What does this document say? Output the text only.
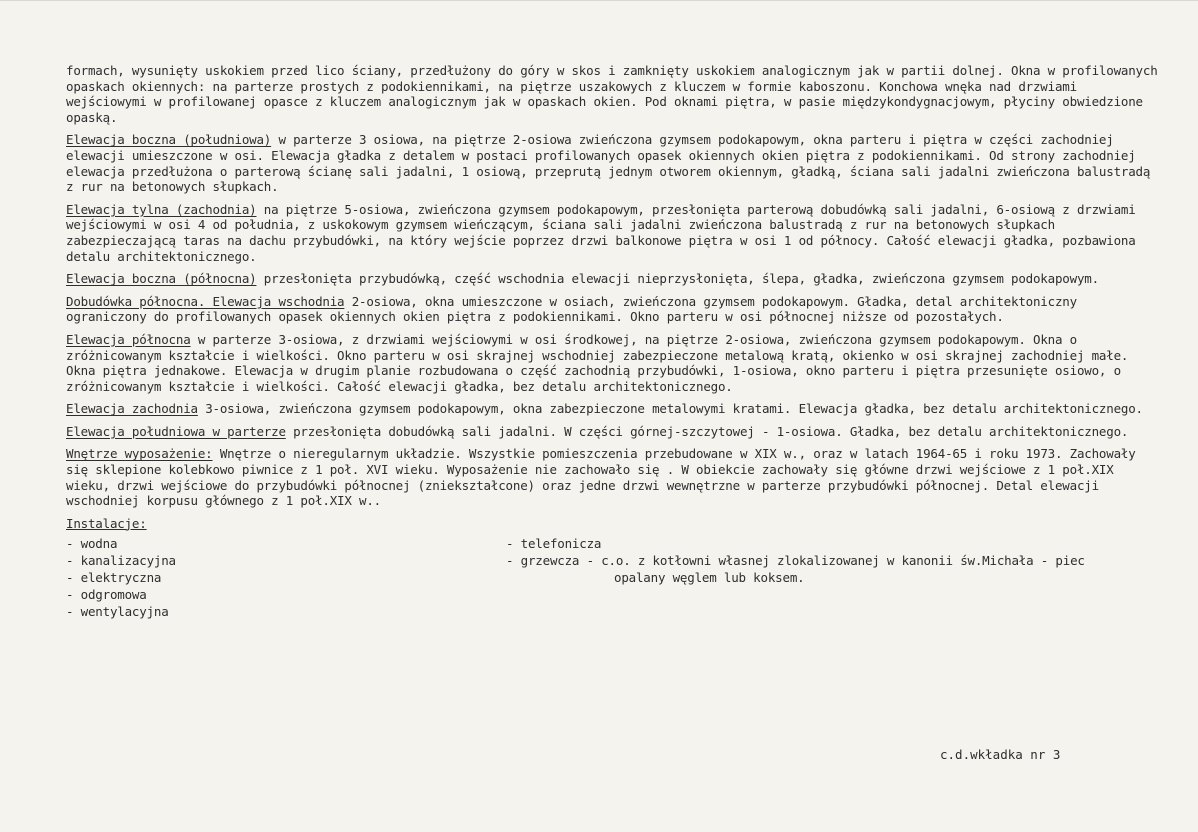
formach, wysunięty uskokiem przed lico ściany, przedłużony do góry w skos i zamknięty uskokiem analogicznym jak w partii dolnej. Okna w profilowanych opaskach okiennych: na parterze prostych z podokiennikami, na piętrze uszakowych z kluczem w formie kaboszonu. Konchowa wnęka nad drzwiami wejściowymi w profilowanej opasce z kluczem analogicznym jak w opaskach okien. Pod oknami piętra, w pasie międzykondygnacjowym, płyciny obwiedzione opaską.

Elewacja boczna (południowa) w parterze 3 osiowa, na piętrze 2-osiowa zwieńczona gzymsem podokapowym, okna parteru i piętra w części zachodniej elewacji umieszczone w osi. Elewacja gładka z detalem w postaci profilowanych opasek okiennych okien piętra z podokiennikami. Od strony zachodniej elewacja przedłużona o parterową ścianę sali jadalni, 1 osiową, przeprutą jednym otworem okiennym, gładką, ściana sali jadalni zwieńczona balustradą z rur na betonowych słupkach.

Elewacja tylna (zachodnia) na piętrze 5-osiowa, zwieńczona gzymsem podokapowym, przesłonięta parterową dobudówką sali jadalni, 6-osiową z drzwiami wejściowymi w osi 4 od południa, z uskokowym gzymsem wieńczącym, ściana sali jadalni zwieńczona balustradą z rur na betonowych słupkach zabezpieczającą taras na dachu przybudówki, na który wejście poprzez drzwi balkonowe piętra w osi 1 od północy. Całość elewacji gładka, pozbawiona detalu architektonicznego.

Elewacja boczna (północna) przesłonięta przybudówką, część wschodnia elewacji nieprzysłonięta, ślepa, gładka, zwieńczona gzymsem podokapowym.

Dobudówka północna. Elewacja wschodnia 2-osiowa, okna umieszczone w osiach, zwieńczona gzymsem podokapowym. Gładka, detal architektoniczny ograniczony do profilowanych opasek okiennych okien piętra z podokiennikami. Okno parteru w osi północnej niższe od pozostałych.

Elewacja północna w parterze 3-osiowa, z drzwiami wejściowymi w osi środkowej, na piętrze 2-osiowa, zwieńczona gzymsem podokapowym. Okna o zróżnicowanym kształcie i wielkości. Okno parteru w osi skrajnej wschodniej zabezpieczone metalową kratą, okienko w osi skrajnej zachodniej małe. Okna piętra jednakowe. Elewacja w drugim planie rozbudowana o część zachodnią przybudówki, 1-osiowa, okno parteru i piętra przesunięte osiowo, o zróżnicowanym kształcie i wielkości. Całość elewacji gładka, bez detalu architektonicznego.

Elewacja zachodnia 3-osiowa, zwieńczona gzymsem podokapowym, okna zabezpieczone metalowymi kratami. Elewacja gładka, bez detalu architektonicznego.

Elewacja południowa w parterze przesłonięta dobudówką sali jadalni. W części górnej-szczytowej - 1-osiowa. Gładka, bez detalu architektonicznego.

Wnętrze wyposażenie: Wnętrze o nieregularnym układzie. Wszystkie pomieszczenia przebudowane w XIX w., oraz w latach 1964-65 i roku 1973. Zachowały się sklepione kolebkowo piwnice z 1 poł. XVI wieku. Wyposażenie nie zachowało się . W obiekcie zachowały się główne drzwi wejściowe z 1 poł.XIX wieku, drzwi wejściowe do przybudówki północnej (zniekształcone) oraz jedne drzwi wewnętrzne w parterze przybudówki północnej. Detal elewacji wschodniej korpusu głównego z 1 poł.XIX w..

Instalacje:
- wodna
- kanalizacyjna
- elektryczna
- odgromowa
- wentylacyjna
- telefonicza
- grzewcza - c.o. z kotłowni własnej zlokalizowanej w kanonii św.Michała - piec
opalany węglem lub koksem.
c.d.wkładka nr 3
